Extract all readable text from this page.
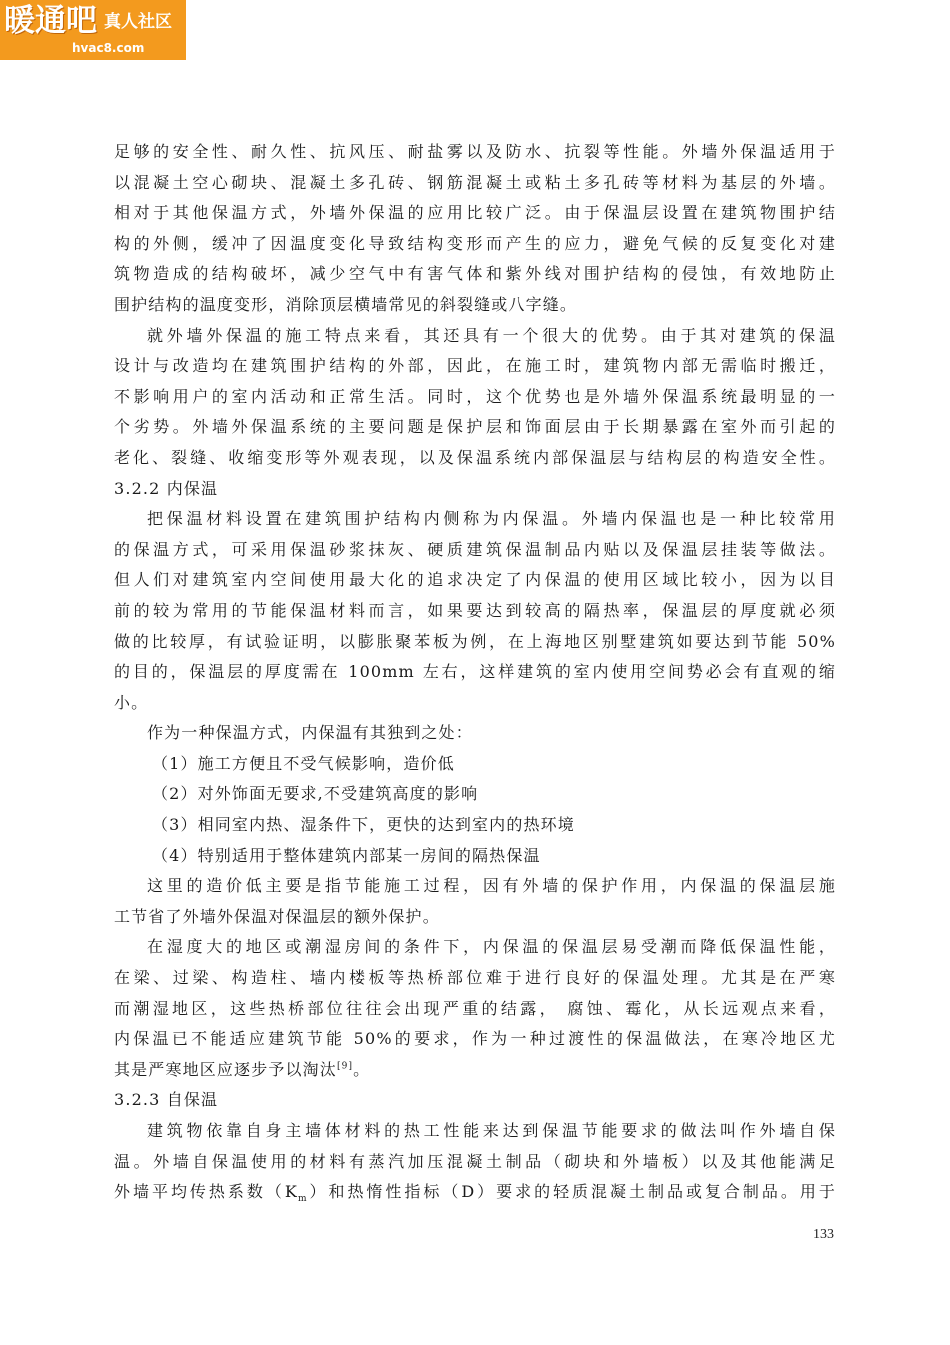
暖通吧 真人社区
hvac8.com
足够的安全性、耐久性、抗风压、耐盐雾以及防水、抗裂等性能。外墙外保温适用于
以混凝土空心砌块、混凝土多孔砖、钢筋混凝土或粘土多孔砖等材料为基层的外墙。
相对于其他保温方式，外墙外保温的应用比较广泛。由于保温层设置在建筑物围护结
构的外侧，缓冲了因温度变化导致结构变形而产生的应力，避免气候的反复变化对建
筑物造成的结构破坏，减少空气中有害气体和紫外线对围护结构的侵蚀，有效地防止
围护结构的温度变形，消除顶层横墙常见的斜裂缝或八字缝。
就外墙外保温的施工特点来看，其还具有一个很大的优势。由于其对建筑的保温
设计与改造均在建筑围护结构的外部，因此，在施工时，建筑物内部无需临时搬迁，
不影响用户的室内活动和正常生活。同时，这个优势也是外墙外保温系统最明显的一
个劣势。外墙外保温系统的主要问题是保护层和饰面层由于长期暴露在室外而引起的
老化、裂缝、收缩变形等外观表现，以及保温系统内部保温层与结构层的构造安全性。
3.2.2 内保温
把保温材料设置在建筑围护结构内侧称为内保温。外墙内保温也是一种比较常用
的保温方式，可采用保温砂浆抹灰、硬质建筑保温制品内贴以及保温层挂装等做法。
但人们对建筑室内空间使用最大化的追求决定了内保温的使用区域比较小，因为以目
前的较为常用的节能保温材料而言，如果要达到较高的隔热率，保温层的厚度就必须
做的比较厚，有试验证明，以膨胀聚苯板为例，在上海地区别墅建筑如要达到节能 50%
的目的，保温层的厚度需在 100mm 左右，这样建筑的室内使用空间势必会有直观的缩
小。
作为一种保温方式，内保温有其独到之处：
（1）施工方便且不受气候影响，造价低
（2）对外饰面无要求,不受建筑高度的影响
（3）相同室内热、湿条件下，更快的达到室内的热环境
（4）特别适用于整体建筑内部某一房间的隔热保温
这里的造价低主要是指节能施工过程，因有外墙的保护作用，内保温的保温层施
工节省了外墙外保温对保温层的额外保护。
在湿度大的地区或潮湿房间的条件下，内保温的保温层易受潮而降低保温性能，
在梁、过梁、构造柱、墙内楼板等热桥部位难于进行良好的保温处理。尤其是在严寒
而潮湿地区，这些热桥部位往往会出现严重的结露， 腐蚀、霉化，从长远观点来看，
内保温已不能适应建筑节能 50%的要求，作为一种过渡性的保温做法，在寒冷地区尤
其是严寒地区应逐步予以淘汰[9]。
3.2.3 自保温
建筑物依靠自身主墙体材料的热工性能来达到保温节能要求的做法叫作外墙自保
温。外墙自保温使用的材料有蒸汽加压混凝土制品（砌块和外墙板）以及其他能满足
外墙平均传热系数$(K_m)$和热惰性指标（D）要求的轻质混凝土制品或复合制品。用于
133
